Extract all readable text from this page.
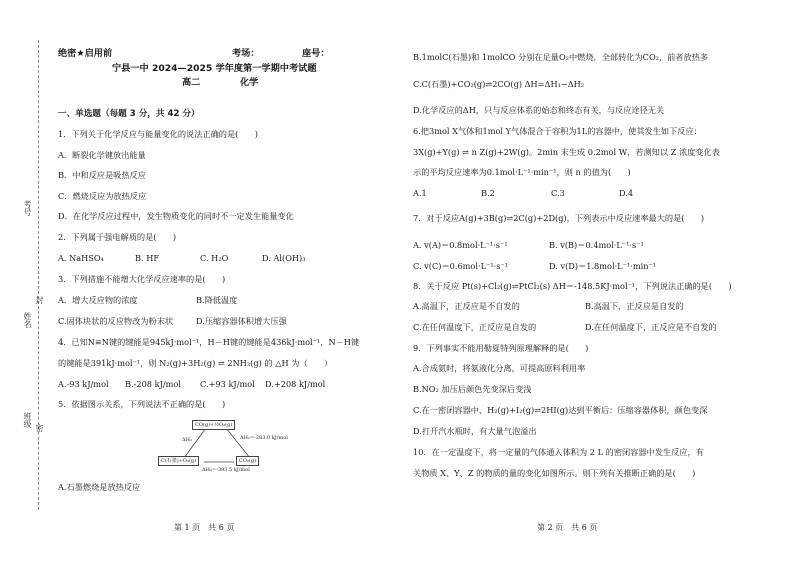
考号
姓名
封
班级 密
绝密★启用前	考场：	座号：
宁县一中 2024—2025 学年度第一学期中考试题
高二	化学
一、单选题（每题 3 分，共 42 分）
1．下列关于化学反应与能量变化的说法正确的是(　　)
A．断裂化学键放出能量
B．中和反应是吸热反应
C．燃烧反应为放热反应
D．在化学反应过程中，发生物质变化的同时不一定发生能量变化
2．下列属于强电解质的是(　　)
A. NaHSO₄	B. HF	C. H₂O	D. Al(OH)₃
3．下列措施不能增大化学反应速率的是(　　)
A．增大反应物的浓度	B.降低温度
C.固体块状的反应物改为粉末状	D.压缩容器体积增大压强
4．已知N≡N键的键能是945kJ·mol⁻¹，H－H键的键能是436kJ·mol⁻¹，N－H键
的键能是391kJ·mol⁻¹，则 N₂(g)+3H₂(g) ⇌ 2NH₃(g) 的 △H 为（　　）
A.-93 kJ/mol B.-208 kJ/mol C.+93 kJ/mol D.+208 kJ/mol
5．依据图示关系，下列说法不正确的是(　　)
CO(g)+½O₂(g)
C(石墨)+O₂(g)	CO₂(g)
ΔH₁	ΔH₂=-283.0 kJ/mol
ΔH₃=-393.5 kJ/mol
A.石墨燃烧是放热反应
第 1 页　共 6 页
B.1molC(石墨)和 1molCO 分别在足量O₂中燃烧，全部转化为CO₂，前者放热多
C.C(石墨)+CO₂(g)⇌2CO(g) ΔH=ΔH₁−ΔH₂
D.化学反应的ΔH，只与反应体系的始态和终态有关，与反应途径无关
6.把3mol X气体和1mol Y气体混合于容积为1L的容器中，使其发生如下反应：
3X(g)+Y(g) ⇌ n Z(g)+2W(g)。2min 末生成 0.2mol W，若测知以 Z 浓度变化表
示的平均反应速率为0.1mol·L⁻¹·min⁻¹，则 n 的值为(　　)
A.1	B.2	C.3	D.4
7．对于反应A(g)+3B(g)⇌2C(g)+2D(g)，下列表示中反应速率最大的是(　　)
A. v(A)＝0.8mol·L⁻¹·s⁻¹	B. v(B)＝0.4mol·L⁻¹·s⁻¹
C. v(C)＝0.6mol·L⁻¹·s⁻¹	D. v(D)＝1.8mol·L⁻¹·min⁻¹
8．关于反应 Pt(s)+Cl₂(g)⇌PtCl₂(s) ΔH＝-148.5KJ·mol⁻¹，下列说法正确的是(　　)
A.高温下，正反应是不自发的	B.高温下，正反应是自发的
C.在任何温度下，正反应是自发的	D.在任何温度下，正反应是不自发的
9．下列事实不能用勒夏特列原理解释的是(　　)
A.合成氨时，将氨液化分离，可提高原料利用率
B.NO₂ 加压后颜色先变深后变浅
C.在一密闭容器中，H₂(g)+I₂(g)⇌2HI(g)达到平衡后：压缩容器体积，颜色变深
D.打开汽水瓶时，有大量气泡溢出
10．在一定温度下，将一定量的气体通入体积为 2 L 的密闭容器中发生反应，有
关物质 X、Y、Z 的物质的量的变化如图所示。则下列有关推断正确的是(　　)
第 2 页　共 6 页
